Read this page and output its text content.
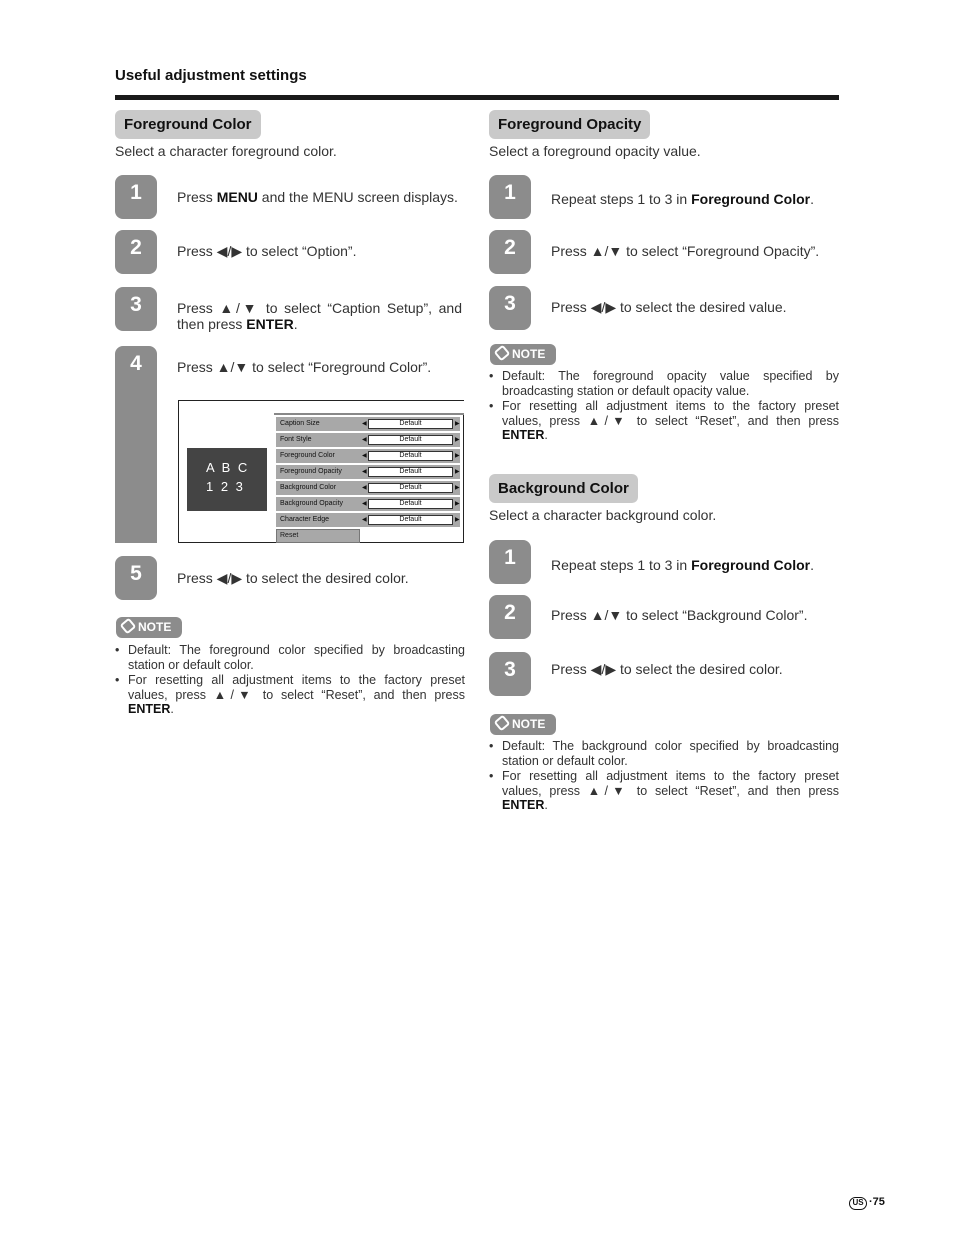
Useful adjustment settings
Foreground Color
Select a character foreground color.
1	Press MENU and the MENU screen displays.
2	Press ◀/▶ to select “Option”.
3	Press ▲/▼ to select “Caption Setup”, and then press ENTER.
4	Press ▲/▼ to select “Foreground Color”.
A B C
1 2 3
Caption Size	◀	Default	▶
Font Style	◀	Default	▶
Foreground Color	◀	Default	▶
Foreground Opacity	◀	Default	▶
Background Color	◀	Default	▶
Background Opacity	◀	Default	▶
Character Edge	◀	Default	▶
Reset
5	Press ◀/▶ to select the desired color.
NOTE
• Default: The foreground color specified by broadcasting station or default color.
• For resetting all adjustment items to the factory preset values, press ▲/▼ to select “Reset”, and then press ENTER.
Foreground Opacity
Select a foreground opacity value.
1	Repeat steps 1 to 3 in Foreground Color.
2	Press ▲/▼ to select “Foreground Opacity”.
3	Press ◀/▶ to select the desired value.
NOTE
• Default: The foreground opacity value specified by broadcasting station or default opacity value.
• For resetting all adjustment items to the factory preset values, press ▲/▼ to select “Reset”, and then press ENTER.
Background Color
Select a character background color.
1	Repeat steps 1 to 3 in Foreground Color.
2	Press ▲/▼ to select “Background Color”.
3	Press ◀/▶ to select the desired color.
NOTE
• Default: The background color specified by broadcasting station or default color.
• For resetting all adjustment items to the factory preset values, press ▲/▼ to select “Reset”, and then press ENTER.
US ·75
